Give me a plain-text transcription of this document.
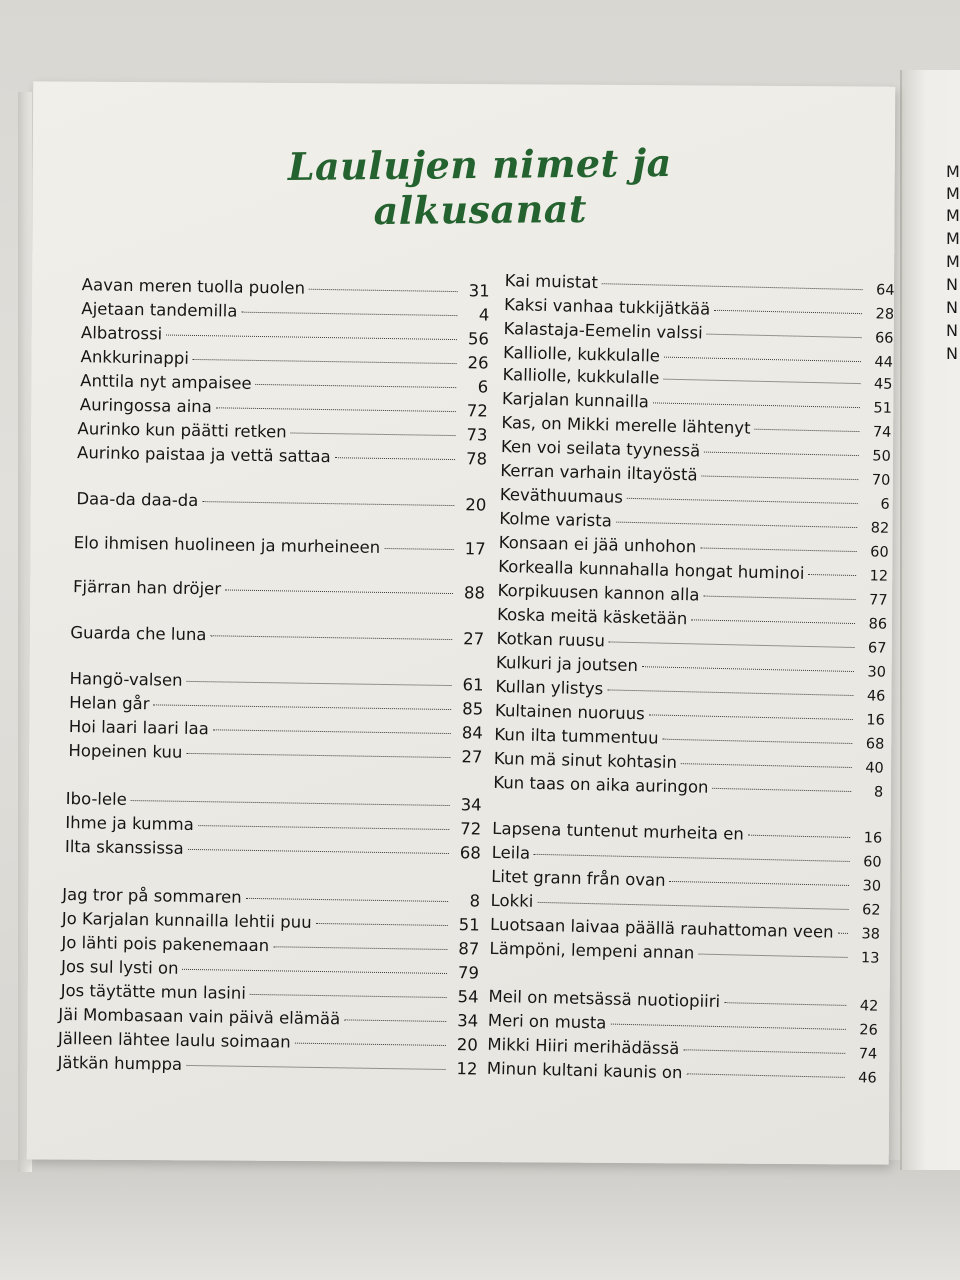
M
M
M
M
M
N
N
N
N
Laulujen nimet ja alkusanat
Aavan meren tuolla puolen	31
Ajetaan tandemilla	4
Albatrossi	56
Ankkurinappi	26
Anttila nyt ampaisee	6
Auringossa aina	72
Aurinko kun päätti retken	73
Aurinko paistaa ja vettä sattaa	78
Daa-da daa-da	20
Elo ihmisen huolineen ja murheineen	17
Fjärran han dröjer	88
Guarda che luna	27
Hangö-valsen	61
Helan går	85
Hoi laari laari laa	84
Hopeinen kuu	27
Ibo-lele	34
Ihme ja kumma	72
Ilta skanssissa	68
Jag tror på sommaren	8
Jo Karjalan kunnailla lehtii puu	51
Jo lähti pois pakenemaan	87
Jos sul lysti on	79
Jos täytätte mun lasini	54
Jäi Mombasaan vain päivä elämää	34
Jälleen lähtee laulu soimaan	20
Jätkän humppa	12
Kai muistat	64
Kaksi vanhaa tukkijätkää	28
Kalastaja-Eemelin valssi	66
Kalliolle, kukkulalle	44
Kalliolle, kukkulalle	45
Karjalan kunnailla	51
Kas, on Mikki merelle lähtenyt	74
Ken voi seilata tyynessä	50
Kerran varhain iltayöstä	70
Keväthuumaus	6
Kolme varista	82
Konsaan ei jää unhohon	60
Korkealla kunnahalla hongat huminoi	12
Korpikuusen kannon alla	77
Koska meitä käsketään	86
Kotkan ruusu	67
Kulkuri ja joutsen	30
Kullan ylistys	46
Kultainen nuoruus	16
Kun ilta tummentuu	68
Kun mä sinut kohtasin	40
Kun taas on aika auringon	8
Lapsena tuntenut murheita en	16
Leila	60
Litet grann från ovan	30
Lokki	62
Luotsaan laivaa päällä rauhattoman veen	38
Lämpöni, lempeni annan	13
Meil on metsässä nuotiopiiri	42
Meri on musta	26
Mikki Hiiri merihädässä	74
Minun kultani kaunis on	46
